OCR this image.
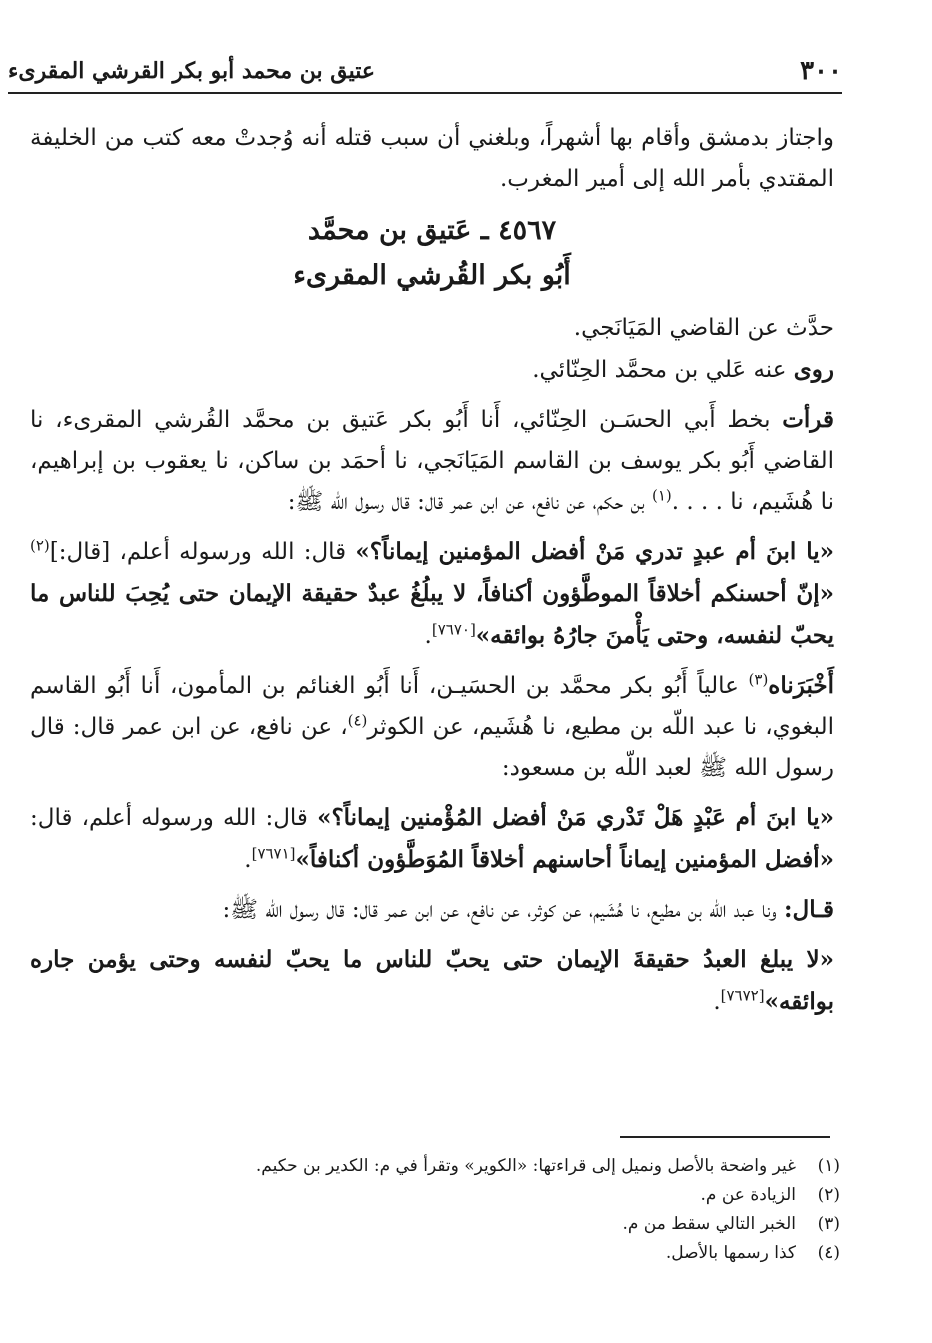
٣٠٠
عتيق بن محمد أبو بكر القرشي المقرىء

واجتاز بدمشق وأقام بها أشهراً، وبلغني أن سبب قتله أنه وُجدتْ معه كتب من الخليفة المقتدي بأمر الله إلى أمير المغرب.

٤٥٦٧ ـ عَتيق بن محمَّد
أَبُو بكر القُرشي المقرىء

حدَّث عن القاضي المَيَانَجي.

روى عنه عَلي بن محمَّد الحِنّائي.

قرأت بخط أَبي الحسَـن الحِنّائي، أَنا أَبُو بكر عَتيق بن محمَّد القُرشي المقرىء، نا القاضي أَبُو بكر يوسف بن القاسم المَيَانَجي، نا أحمَد بن ساكن، نا يعقوب بن إبراهيم، نا هُشَيم، نا . . . .$^{(١)}$ بن حكم، عن نافع، عن ابن عمر قال: قال رسول الله ﷺ:

«يا ابنَ أم عبدٍ تدري مَنْ أفضل المؤمنين إيماناً؟» قال: الله ورسوله أعلم، [قال:]$^{(٢)}$ «إنّ أحسنكم أخلاقاً الموطَّؤون أكنافاً، لا يبلُغُ عبدٌ حقيقة الإيمان حتى يُحِبَ للناس ما يحبّ لنفسه، وحتى يَأْمنَ جارُهُ بوائقه»[٧٦٧٠].

أَخْبَرَناه$^{(٣)}$ عالياً أَبُو بكر محمَّد بن الحسَيـن، أَنا أَبُو الغنائم بن المأمون، أَنا أَبُو القاسم البغوي، نا عبد اللّه بن مطيع، نا هُشَيم، عن الكوثر$^{(٤)}$، عن نافع، عن ابن عمر قال: قال رسول الله ﷺ لعبد اللّه بن مسعود:

«يا ابنَ أم عَبْدٍ هَلْ تَدْري مَنْ أفضل المُؤْمنين إيماناً؟» قال: الله ورسوله أعلم، قال: «أفضل المؤمنين إيماناً أحاسنهم أخلاقاً المُوَطَّؤون أكنافاً»[٧٦٧١].

قـال: ونا عبد اللّه بن مطيع، نا هُشَيم، عن كوثر، عن نافع، عن ابن عمر قال: قال رسول الله ﷺ:

«لا يبلغ العبدُ حقيقةَ الإيمان حتى يحبّ للناس ما يحبّ لنفسه وحتى يؤمن جاره بوائقه»[٧٦٧٢].

(١)
غير واضحة بالأصل ونميل إلى قراءتها: «الكوير» وتقرأ في م: الكدير بن حكيم.
(٢)
الزيادة عن م.
(٣)
الخبر التالي سقط من م.
(٤)
كذا رسمها بالأصل.
